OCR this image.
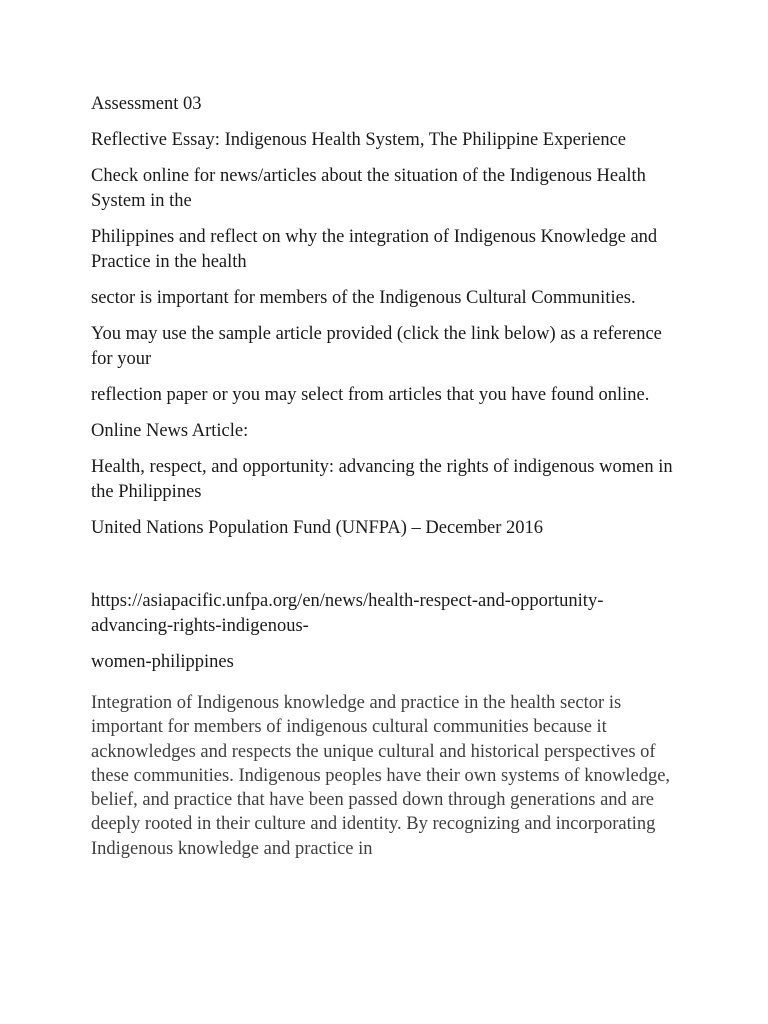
Assessment 03

Reflective Essay: Indigenous Health System, The Philippine Experience

Check online for news/articles about the situation of the Indigenous Health System in the

Philippines and reflect on why the integration of Indigenous Knowledge and Practice in the health

sector is important for members of the Indigenous Cultural Communities.

You may use the sample article provided (click the link below) as a reference for your

reflection paper or you may select from articles that you have found online.

Online News Article:

Health, respect, and opportunity: advancing the rights of indigenous women in the Philippines

United Nations Population Fund (UNFPA) – December 2016

https://asiapacific.unfpa.org/en/news/health-respect-and-opportunity-advancing-rights-indigenous-

women-philippines

Integration of Indigenous knowledge and practice in the health sector is important for members of indigenous cultural communities because it acknowledges and respects the unique cultural and historical perspectives of these communities. Indigenous peoples have their own systems of knowledge, belief, and practice that have been passed down through generations and are deeply rooted in their culture and identity. By recognizing and incorporating Indigenous knowledge and practice in
